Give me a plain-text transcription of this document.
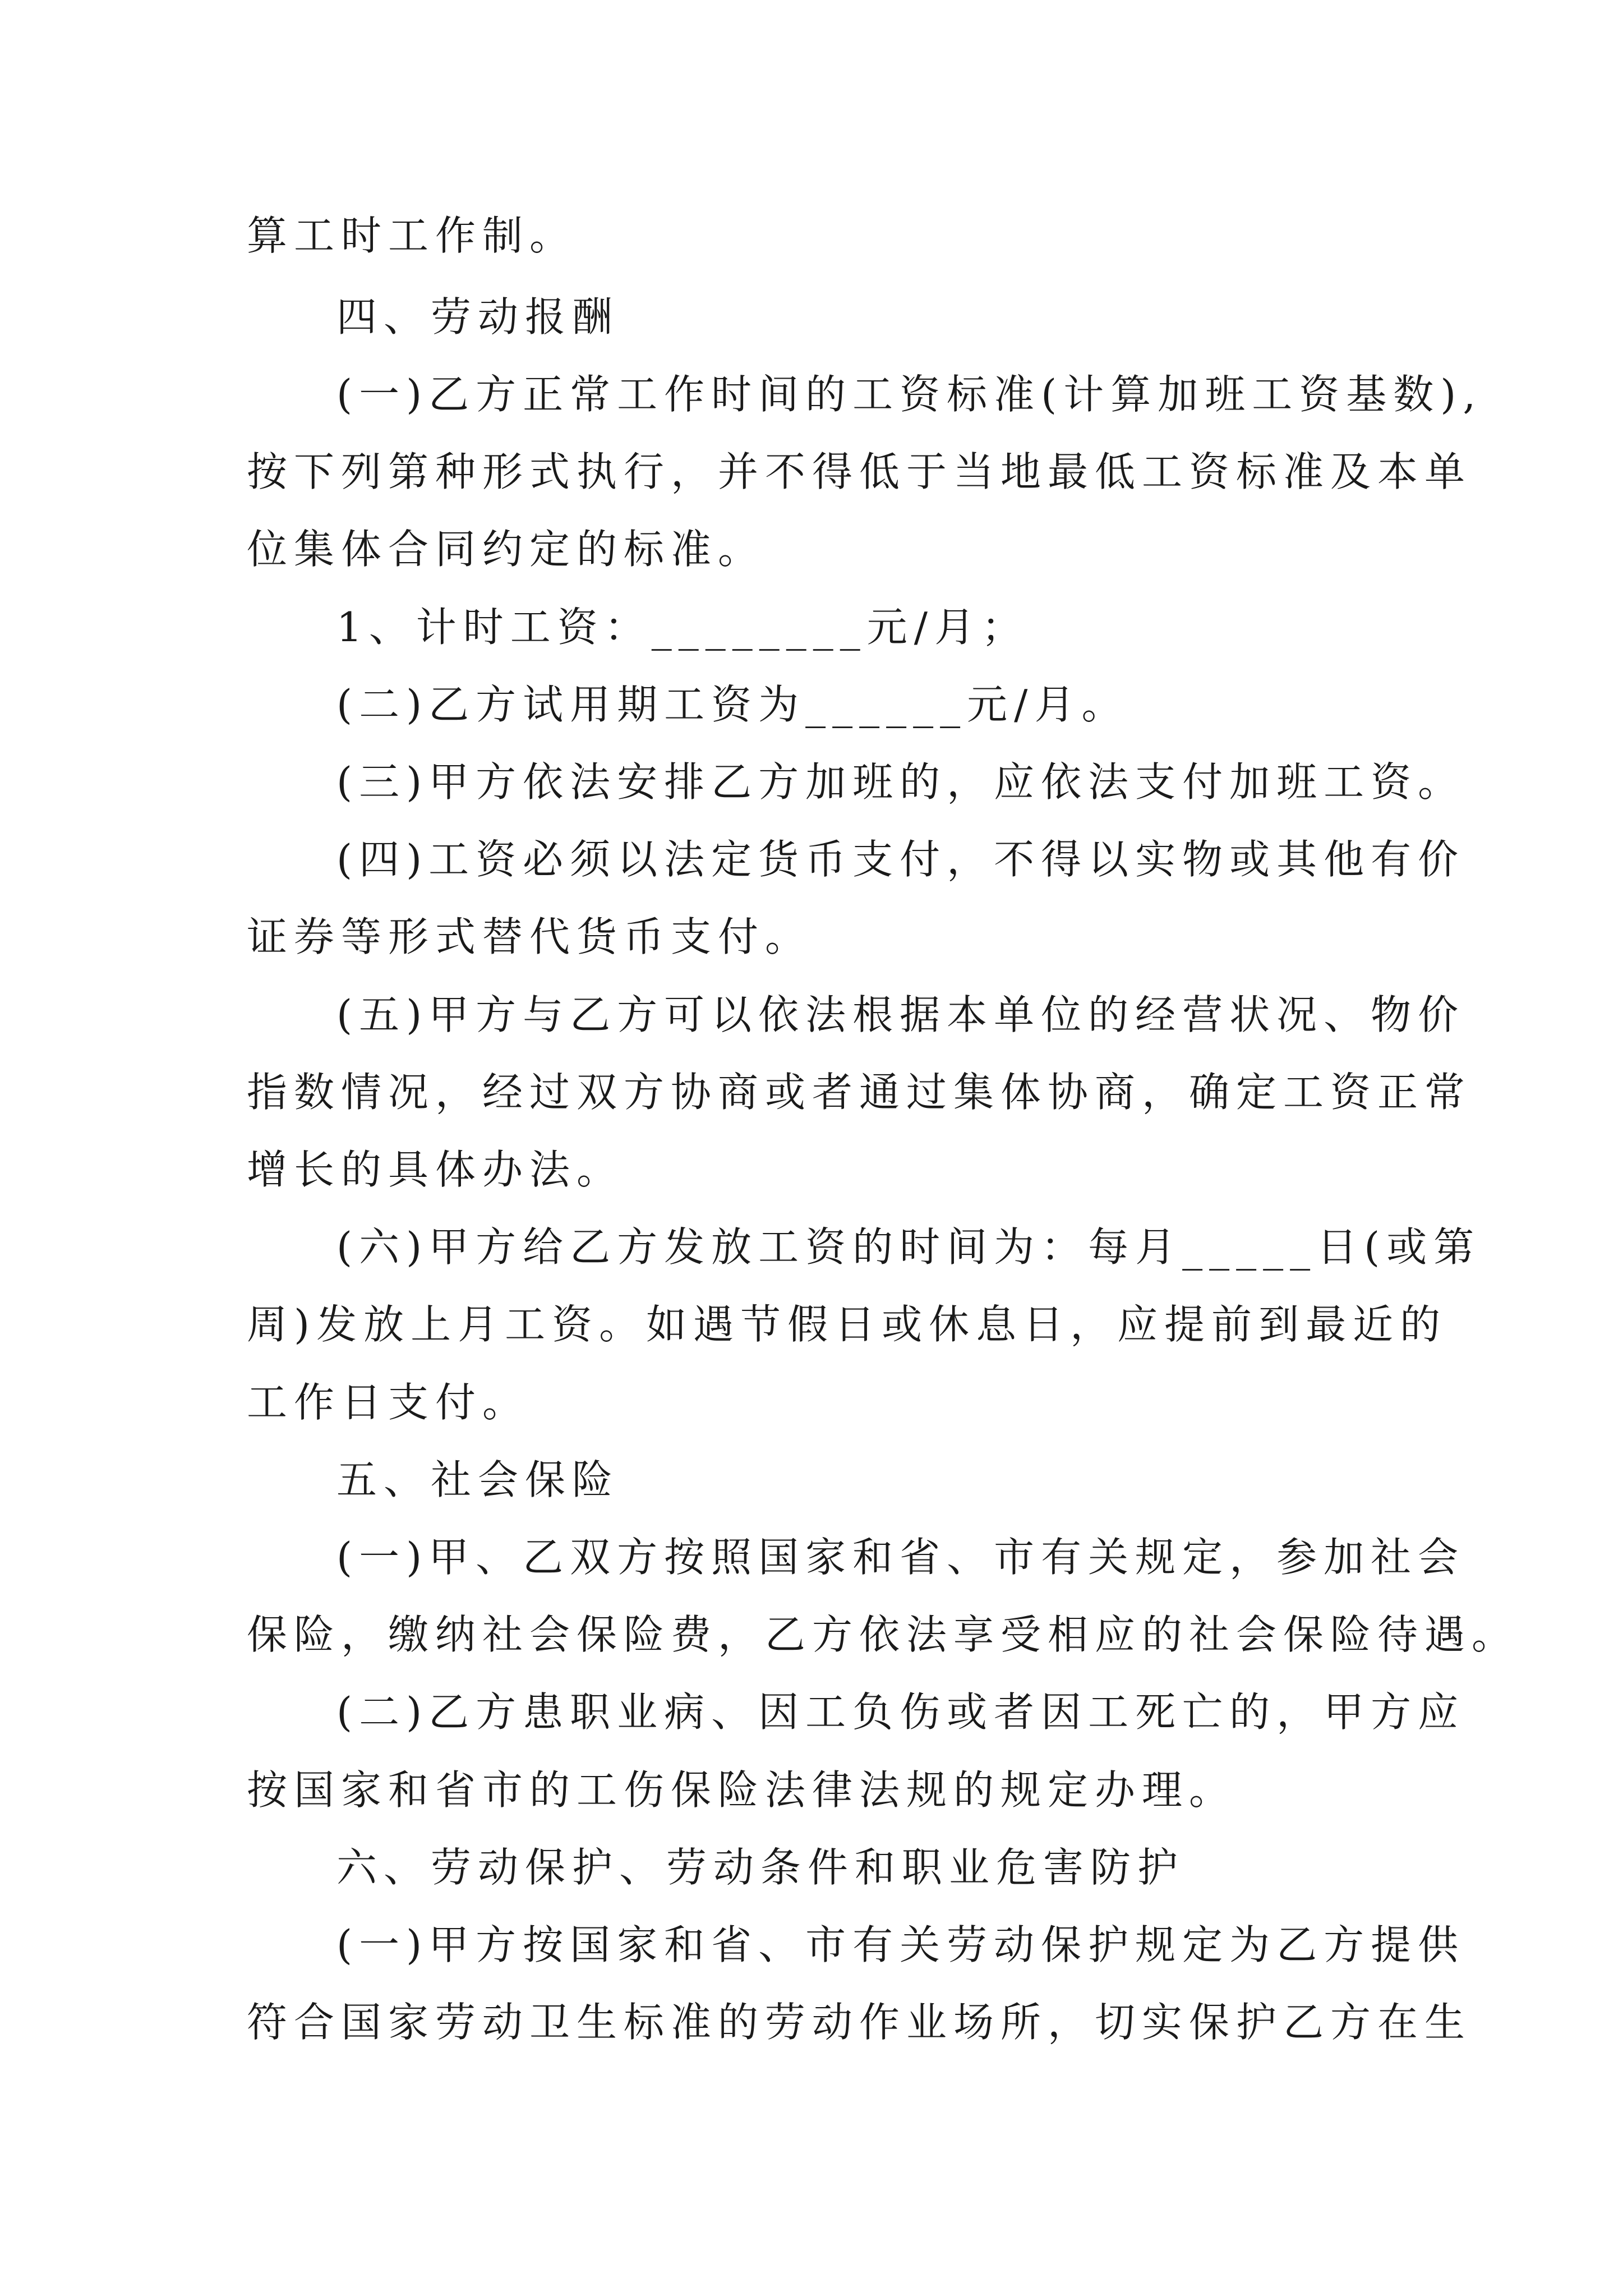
算工时工作制。
四、劳动报酬
(一)乙方正常工作时间的工资标准(计算加班工资基数),
按下列第种形式执行，并不得低于当地最低工资标准及本单
位集体合同约定的标准。
1、计时工资：________元/月；
(二)乙方试用期工资为______元/月。
(三)甲方依法安排乙方加班的，应依法支付加班工资。
(四)工资必须以法定货币支付，不得以实物或其他有价
证券等形式替代货币支付。
(五)甲方与乙方可以依法根据本单位的经营状况、物价
指数情况，经过双方协商或者通过集体协商，确定工资正常
增长的具体办法。
(六)甲方给乙方发放工资的时间为：每月_____日(或第
周)发放上月工资。如遇节假日或休息日，应提前到最近的
工作日支付。
五、社会保险
(一)甲、乙双方按照国家和省、市有关规定，参加社会
保险，缴纳社会保险费，乙方依法享受相应的社会保险待遇。
(二)乙方患职业病、因工负伤或者因工死亡的，甲方应
按国家和省市的工伤保险法律法规的规定办理。
六、劳动保护、劳动条件和职业危害防护
(一)甲方按国家和省、市有关劳动保护规定为乙方提供
符合国家劳动卫生标准的劳动作业场所，切实保护乙方在生
